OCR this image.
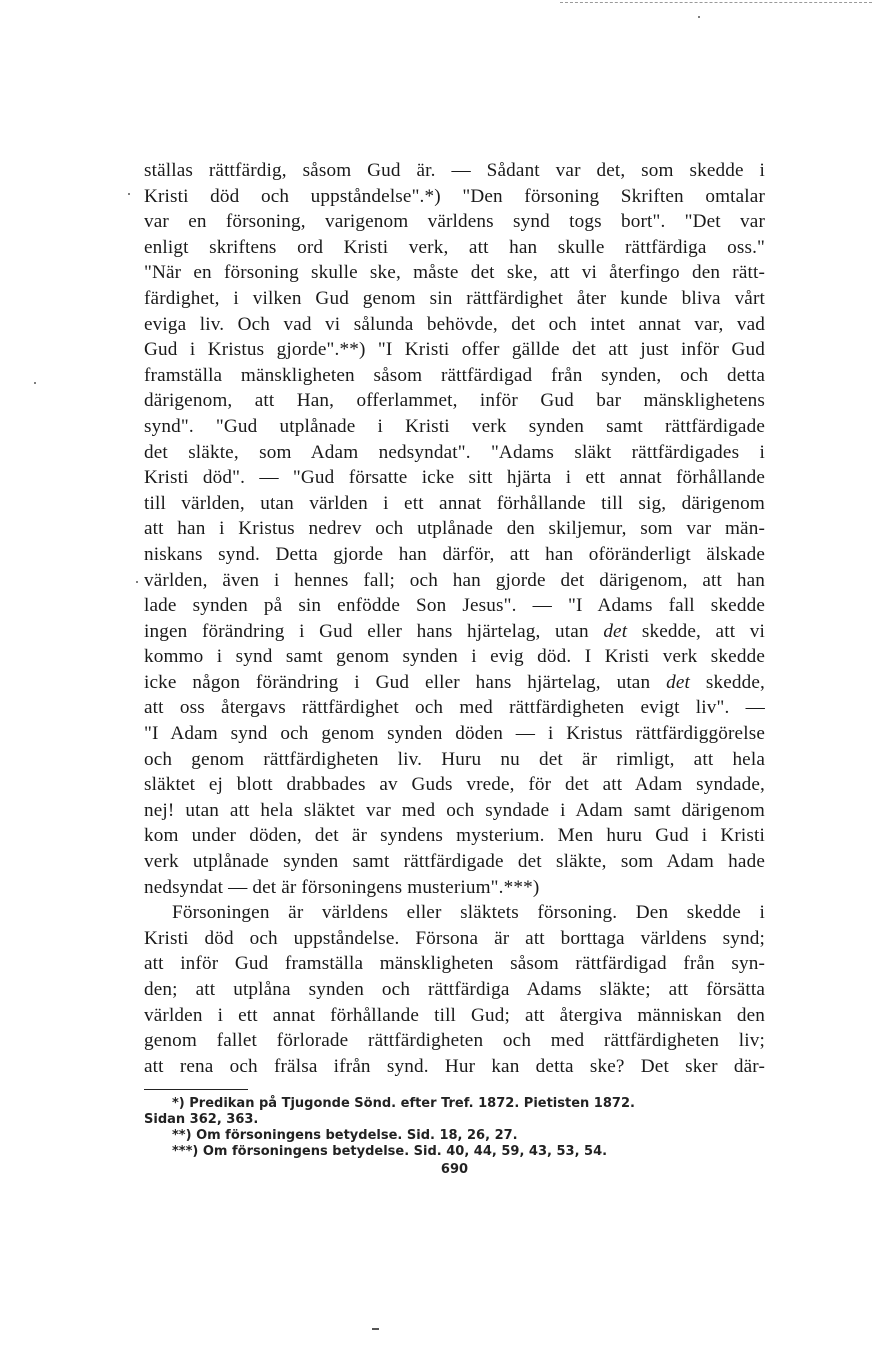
ställas rättfärdig, såsom Gud är. — Sådant var det, som skedde i
Kristi död och uppståndelse".*) "Den försoning Skriften omtalar
var en försoning, varigenom världens synd togs bort". "Det var
enligt skriftens ord Kristi verk, att han skulle rättfärdiga oss."
"När en försoning skulle ske, måste det ske, att vi återfingo den rätt-
färdighet, i vilken Gud genom sin rättfärdighet åter kunde bliva vårt
eviga liv. Och vad vi sålunda behövde, det och intet annat var, vad
Gud i Kristus gjorde".**) "I Kristi offer gällde det att just inför Gud
framställa mänskligheten såsom rättfärdigad från synden, och detta
därigenom, att Han, offerlammet, inför Gud bar mänsklighetens
synd". "Gud utplånade i Kristi verk synden samt rättfärdigade
det släkte, som Adam nedsyndat". "Adams släkt rättfärdigades i
Kristi död". — "Gud försatte icke sitt hjärta i ett annat förhållande
till världen, utan världen i ett annat förhållande till sig, därigenom
att han i Kristus nedrev och utplånade den skiljemur, som var män-
niskans synd. Detta gjorde han därför, att han oföränderligt älskade
världen, även i hennes fall; och han gjorde det därigenom, att han
lade synden på sin enfödde Son Jesus". — "I Adams fall skedde
ingen förändring i Gud eller hans hjärtelag, utan det skedde, att vi
kommo i synd samt genom synden i evig död. I Kristi verk skedde
icke någon förändring i Gud eller hans hjärtelag, utan det skedde,
att oss återgavs rättfärdighet och med rättfärdigheten evigt liv". —
"I Adam synd och genom synden döden — i Kristus rättfärdiggörelse
och genom rättfärdigheten liv. Huru nu det är rimligt, att hela
släktet ej blott drabbades av Guds vrede, för det att Adam syndade,
nej! utan att hela släktet var med och syndade i Adam samt därigenom
kom under döden, det är syndens mysterium. Men huru Gud i Kristi
verk utplånade synden samt rättfärdigade det släkte, som Adam hade
nedsyndat — det är försoningens musterium".***)
Försoningen är världens eller släktets försoning. Den skedde i
Kristi död och uppståndelse. Försona är att borttaga världens synd;
att inför Gud framställa mänskligheten såsom rättfärdigad från syn-
den; att utplåna synden och rättfärdiga Adams släkte; att försätta
världen i ett annat förhållande till Gud; att återgiva människan den
genom fallet förlorade rättfärdigheten och med rättfärdigheten liv;
att rena och frälsa ifrån synd. Hur kan detta ske? Det sker där-
*) Predikan på Tjugonde Sönd. efter Tref. 1872. Pietisten 1872.
Sidan 362, 363.
**) Om försoningens betydelse. Sid. 18, 26, 27.
***) Om försoningens betydelse. Sid. 40, 44, 59, 43, 53, 54.
690
